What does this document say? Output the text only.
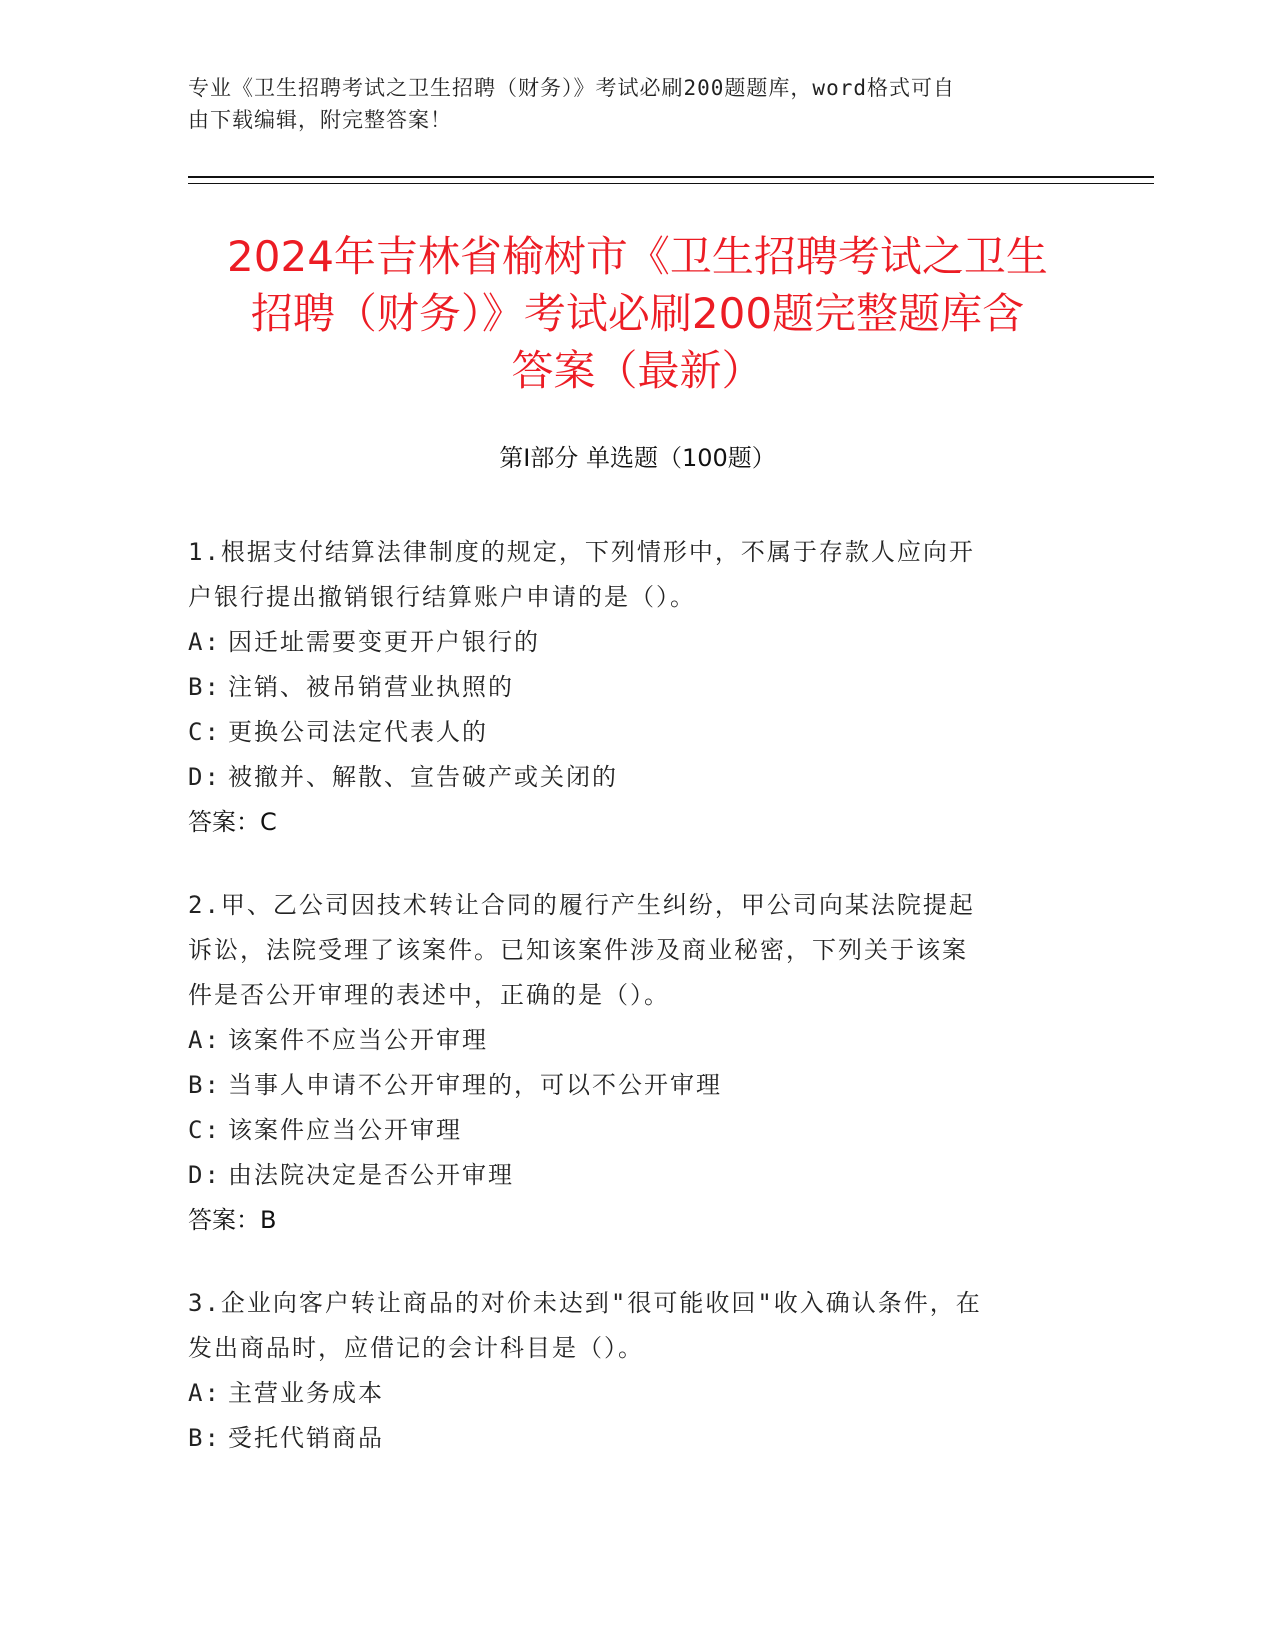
专业《卫生招聘考试之卫生招聘（财务）》考试必刷200题题库，word格式可自
由下载编辑，附完整答案！
2024年吉林省榆树市《卫生招聘考试之卫生
招聘（财务）》考试必刷200题完整题库含
答案（最新）
第Ⅰ部分 单选题（100题）
1.根据支付结算法律制度的规定，下列情形中，不属于存款人应向开
户银行提出撤销银行结算账户申请的是（）。
A: 因迁址需要变更开户银行的
B: 注销、被吊销营业执照的
C: 更换公司法定代表人的
D: 被撤并、解散、宣告破产或关闭的
答案：C
2.甲、乙公司因技术转让合同的履行产生纠纷，甲公司向某法院提起
诉讼，法院受理了该案件。已知该案件涉及商业秘密，下列关于该案
件是否公开审理的表述中，正确的是（）。
A: 该案件不应当公开审理
B: 当事人申请不公开审理的，可以不公开审理
C: 该案件应当公开审理
D: 由法院决定是否公开审理
答案：B
3.企业向客户转让商品的对价未达到"很可能收回"收入确认条件，在
发出商品时，应借记的会计科目是（）。
A: 主营业务成本
B: 受托代销商品
